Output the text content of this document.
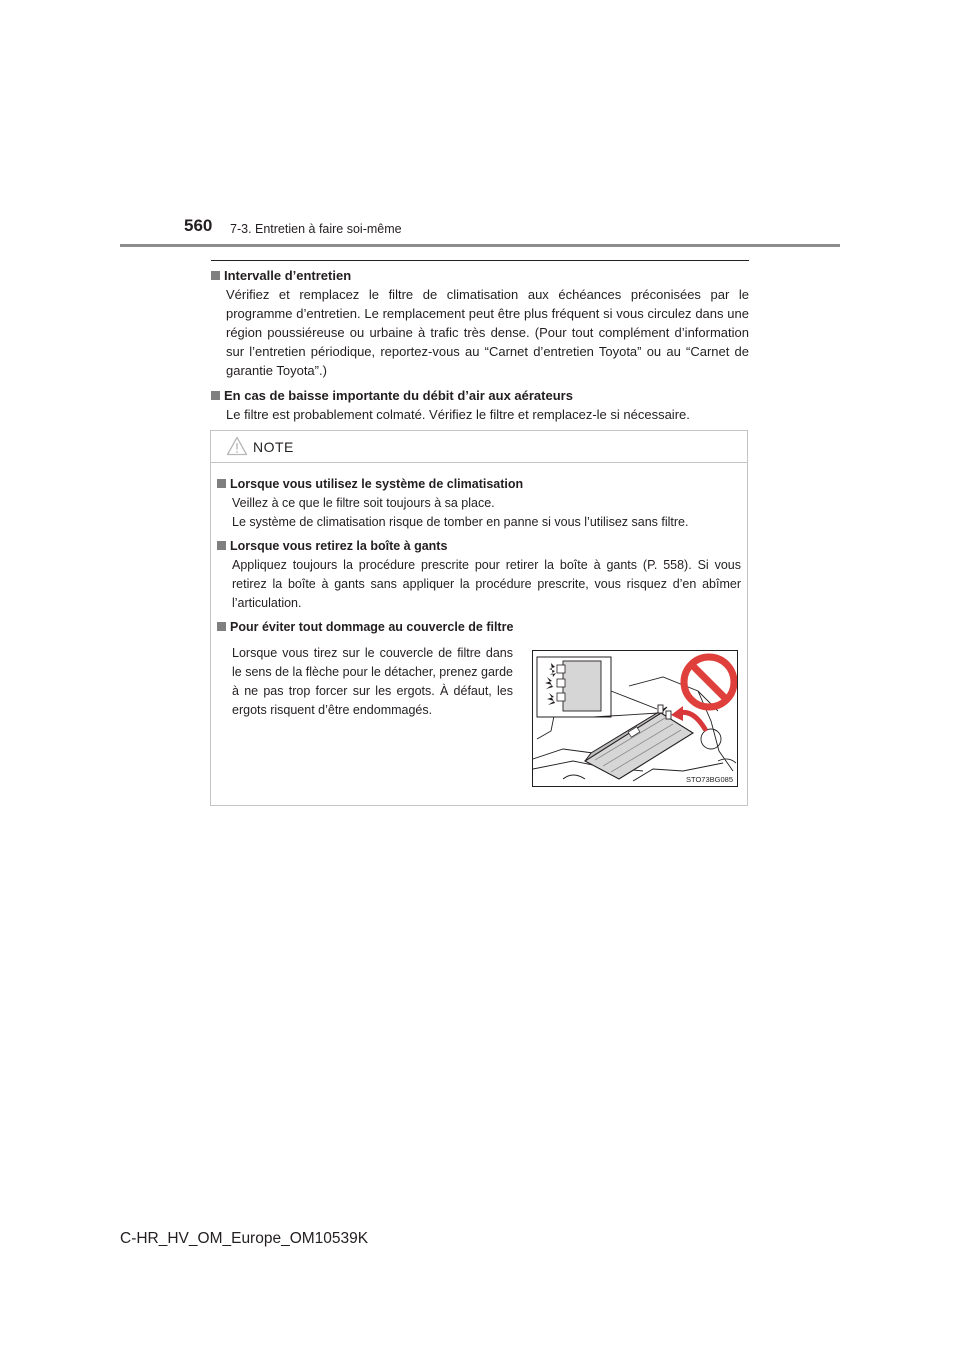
560 7-3. Entretien à faire soi-même
Intervalle d’entretien

Vérifiez et remplacez le filtre de climatisation aux échéances préconisées par le programme d’entretien. Le remplacement peut être plus fréquent si vous circulez dans une région poussiéreuse ou urbaine à trafic très dense. (Pour tout complément d’information sur l’entretien périodique, reportez-vous au “Carnet d’entretien Toyota” ou au “Carnet de garantie Toyota”.)

En cas de baisse importante du débit d’air aux aérateurs

Le filtre est probablement colmaté. Vérifiez le filtre et remplacez-le si nécessaire.

NOTE
Lorsque vous utilisez le système de climatisation

Veillez à ce que le filtre soit toujours à sa place.
Le système de climatisation risque de tomber en panne si vous l’utilisez sans filtre.

Lorsque vous retirez la boîte à gants

Appliquez toujours la procédure prescrite pour retirer la boîte à gants (P. 558). Si vous retirez la boîte à gants sans appliquer la procédure prescrite, vous risquez d’en abîmer l’articulation.

Pour éviter tout dommage au couvercle de filtre
Lorsque vous tirez sur le couvercle de filtre dans le sens de la flèche pour le détacher, prenez garde à ne pas trop forcer sur les ergots. À défaut, les ergots risquent d’être endommagés.
STO73BG085
C-HR_HV_OM_Europe_OM10539K
